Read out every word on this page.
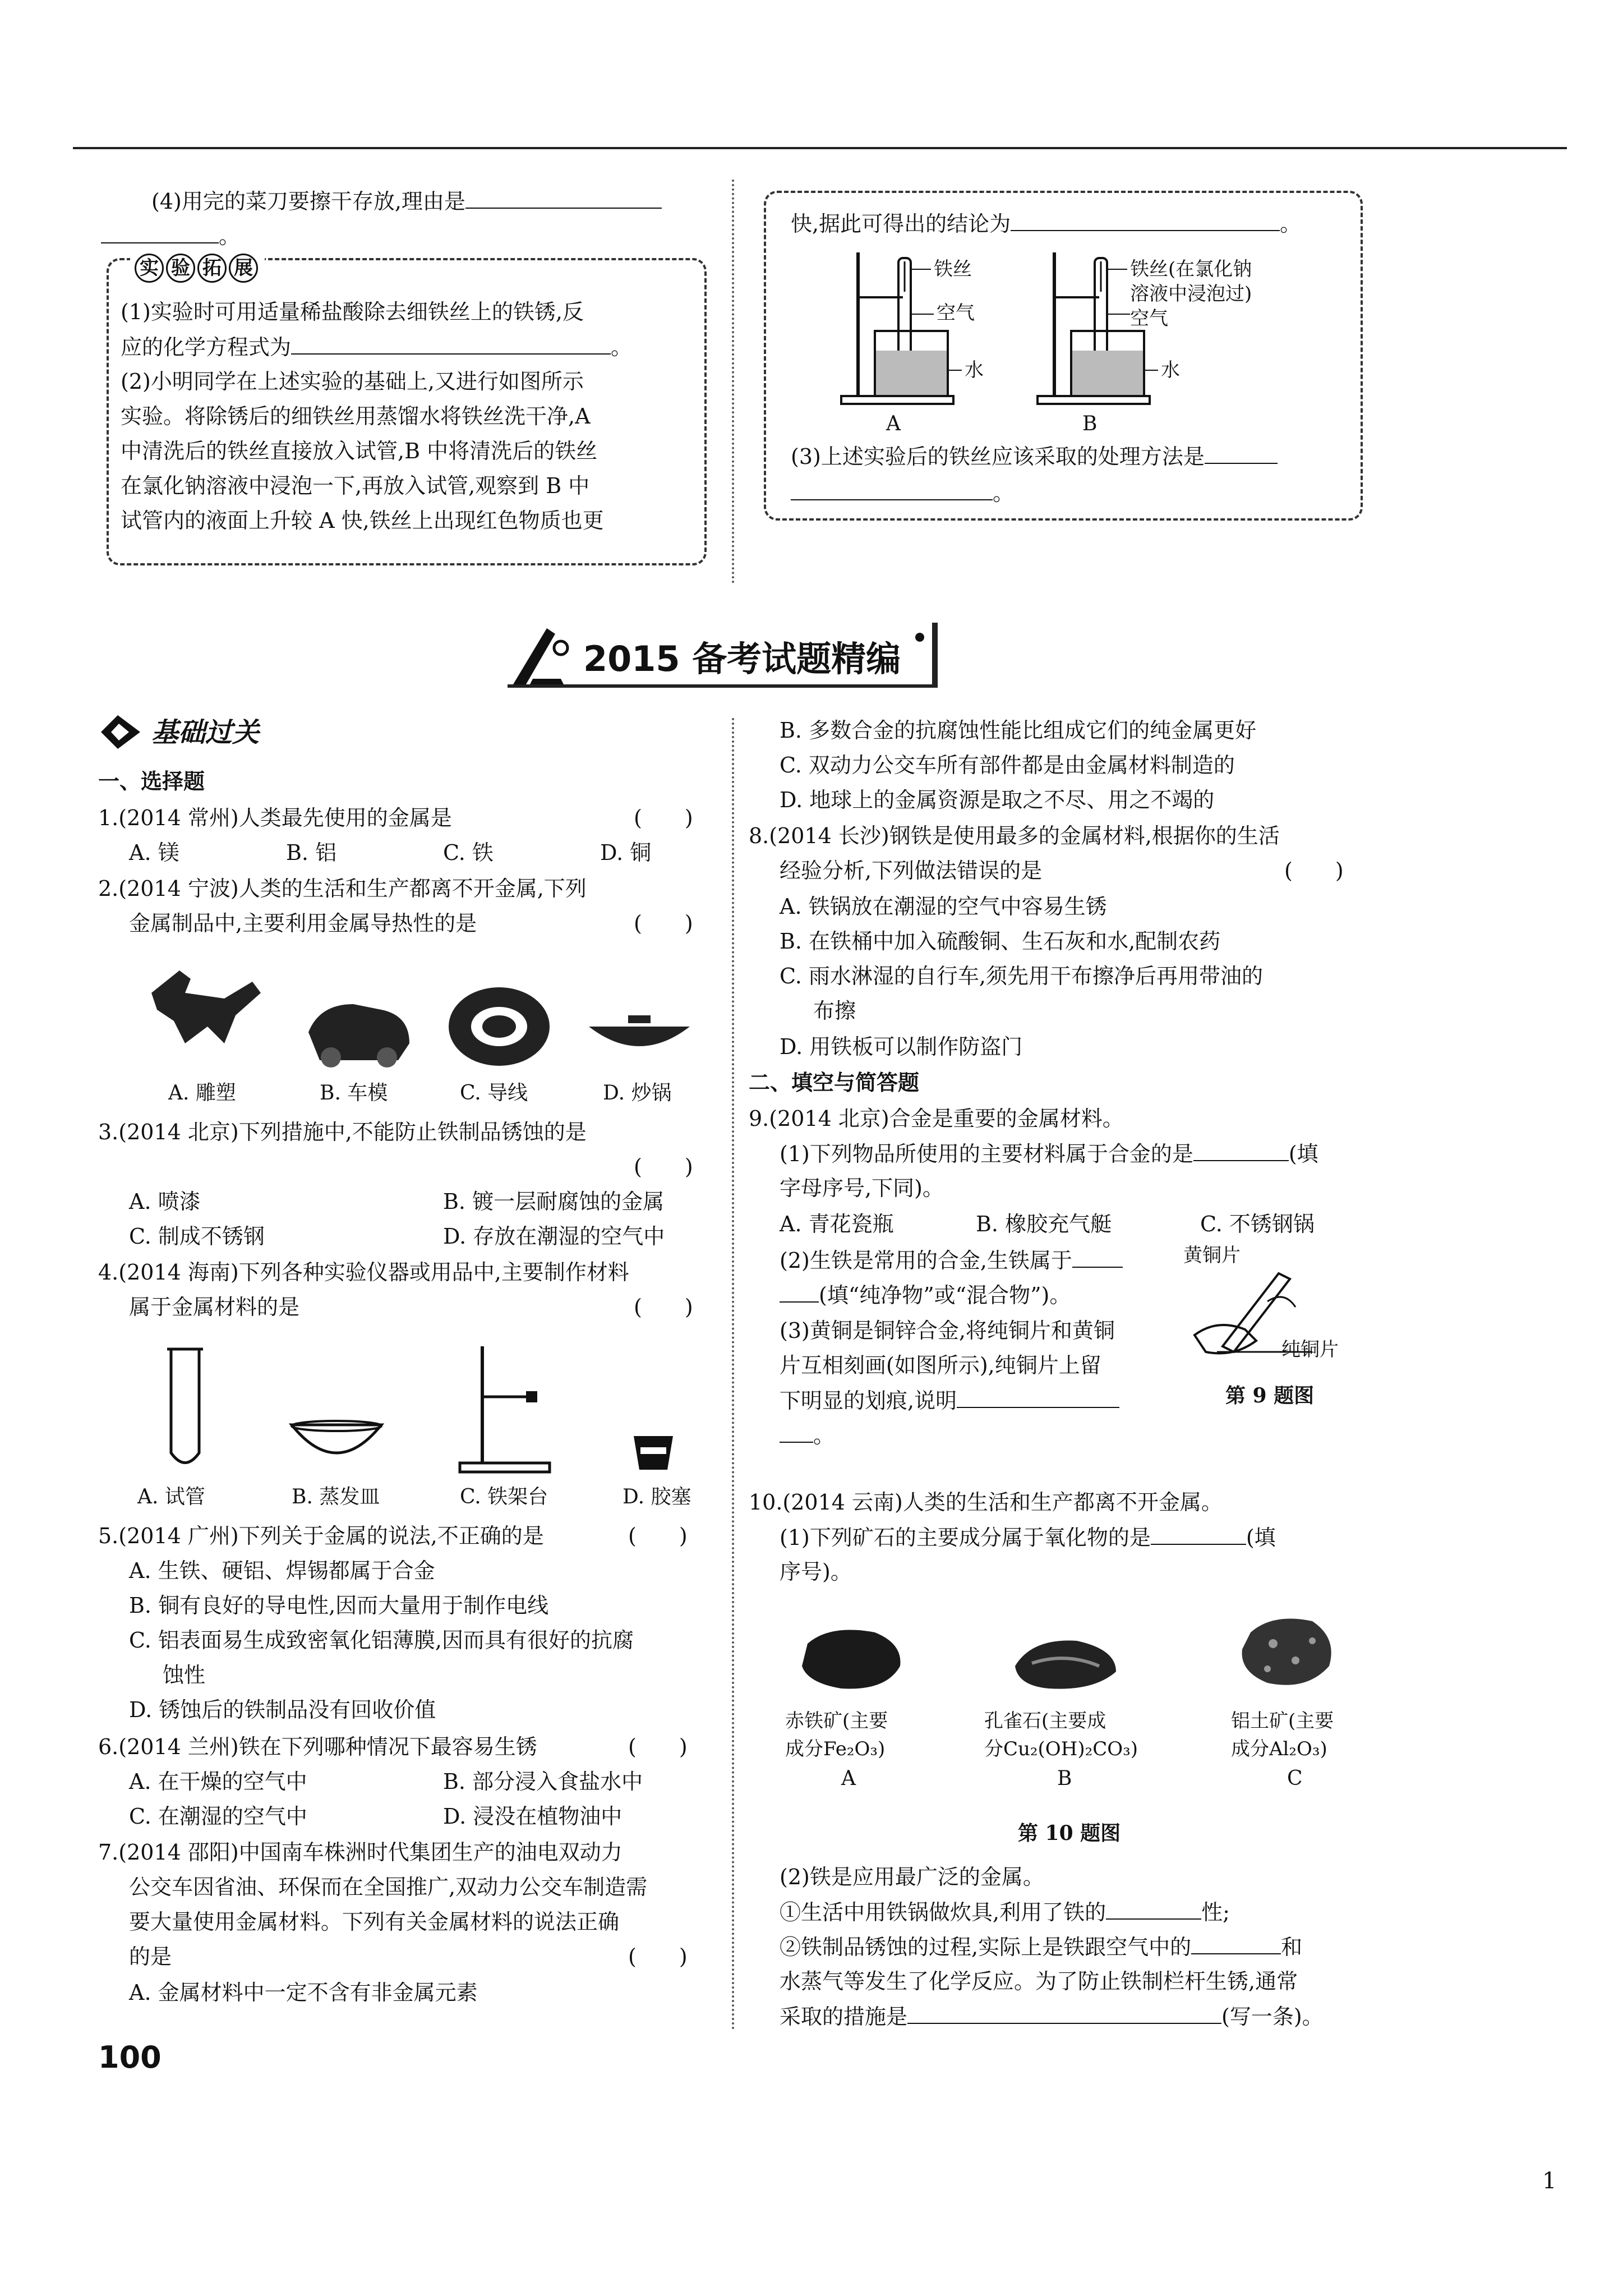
(4)用完的菜刀要擦干存放,理由是
。
实 验 拓 展
(1)实验时可用适量稀盐酸除去细铁丝上的铁锈,反
应的化学方程式为	。
(2)小明同学在上述实验的基础上,又进行如图所示
实验。将除锈后的细铁丝用蒸馏水将铁丝洗干净,A
中清洗后的铁丝直接放入试管,B 中将清洗后的铁丝
在氯化钠溶液中浸泡一下,再放入试管,观察到 B 中
试管内的液面上升较 A 快,铁丝上出现红色物质也更
快,据此可得出的结论为	。
铁丝
空气
水
A
铁丝(在氯化钠
溶液中浸泡过)
空气
水
B
(3)上述实验后的铁丝应该采取的处理方法是
。
2015 备考试题精编
基础过关
一、选择题
1.(2014 常州)人类最先使用的金属是	(　　)
A. 镁	B. 铝	C. 铁	D. 铜
2.(2014 宁波)人类的生活和生产都离不开金属,下列
金属制品中,主要利用金属导热性的是	(　　)
A. 雕塑	B. 车模	C. 导线	D. 炒锅
3.(2014 北京)下列措施中,不能防止铁制品锈蚀的是
(　　)
A. 喷漆	B. 镀一层耐腐蚀的金属
C. 制成不锈钢	D. 存放在潮湿的空气中
4.(2014 海南)下列各种实验仪器或用品中,主要制作材料
属于金属材料的是	(　　)
A. 试管	B. 蒸发皿	C. 铁架台	D. 胶塞
5.(2014 广州)下列关于金属的说法,不正确的是	(　　)
A. 生铁、硬铝、焊锡都属于合金
B. 铜有良好的导电性,因而大量用于制作电线
C. 铝表面易生成致密氧化铝薄膜,因而具有很好的抗腐
蚀性
D. 锈蚀后的铁制品没有回收价值
6.(2014 兰州)铁在下列哪种情况下最容易生锈	(　　)
A. 在干燥的空气中	B. 部分浸入食盐水中
C. 在潮湿的空气中	D. 浸没在植物油中
7.(2014 邵阳)中国南车株洲时代集团生产的油电双动力
公交车因省油、环保而在全国推广,双动力公交车制造需
要大量使用金属材料。下列有关金属材料的说法正确
的是	(　　)
A. 金属材料中一定不含有非金属元素
100
B. 多数合金的抗腐蚀性能比组成它们的纯金属更好
C. 双动力公交车所有部件都是由金属材料制造的
D. 地球上的金属资源是取之不尽、用之不竭的
8.(2014 长沙)钢铁是使用最多的金属材料,根据你的生活
经验分析,下列做法错误的是	(　　)
A. 铁锅放在潮湿的空气中容易生锈
B. 在铁桶中加入硫酸铜、生石灰和水,配制农药
C. 雨水淋湿的自行车,须先用干布擦净后再用带油的
布擦
D. 用铁板可以制作防盗门
二、填空与简答题
9.(2014 北京)合金是重要的金属材料。
(1)下列物品所使用的主要材料属于合金的是	(填
字母序号,下同)。
A. 青花瓷瓶	B. 橡胶充气艇	C. 不锈钢锅
(2)生铁是常用的合金,生铁属于
(填“纯净物”或“混合物”)。
(3)黄铜是铜锌合金,将纯铜片和黄铜
片互相刻画(如图所示),纯铜片上留
下明显的划痕,说明
。
黄铜片
纯铜片
第 9 题图
10.(2014 云南)人类的生活和生产都离不开金属。
(1)下列矿石的主要成分属于氧化物的是	(填
序号)。
赤铁矿(主要
成分Fe₂O₃)
A
孔雀石(主要成
分Cu₂(OH)₂CO₃)
B
铝土矿(主要
成分Al₂O₃)
C
第 10 题图
(2)铁是应用最广泛的金属。
①生活中用铁锅做炊具,利用了铁的	性;
②铁制品锈蚀的过程,实际上是铁跟空气中的	和
水蒸气等发生了化学反应。为了防止铁制栏杆生锈,通常
采取的措施是	(写一条)。
1
